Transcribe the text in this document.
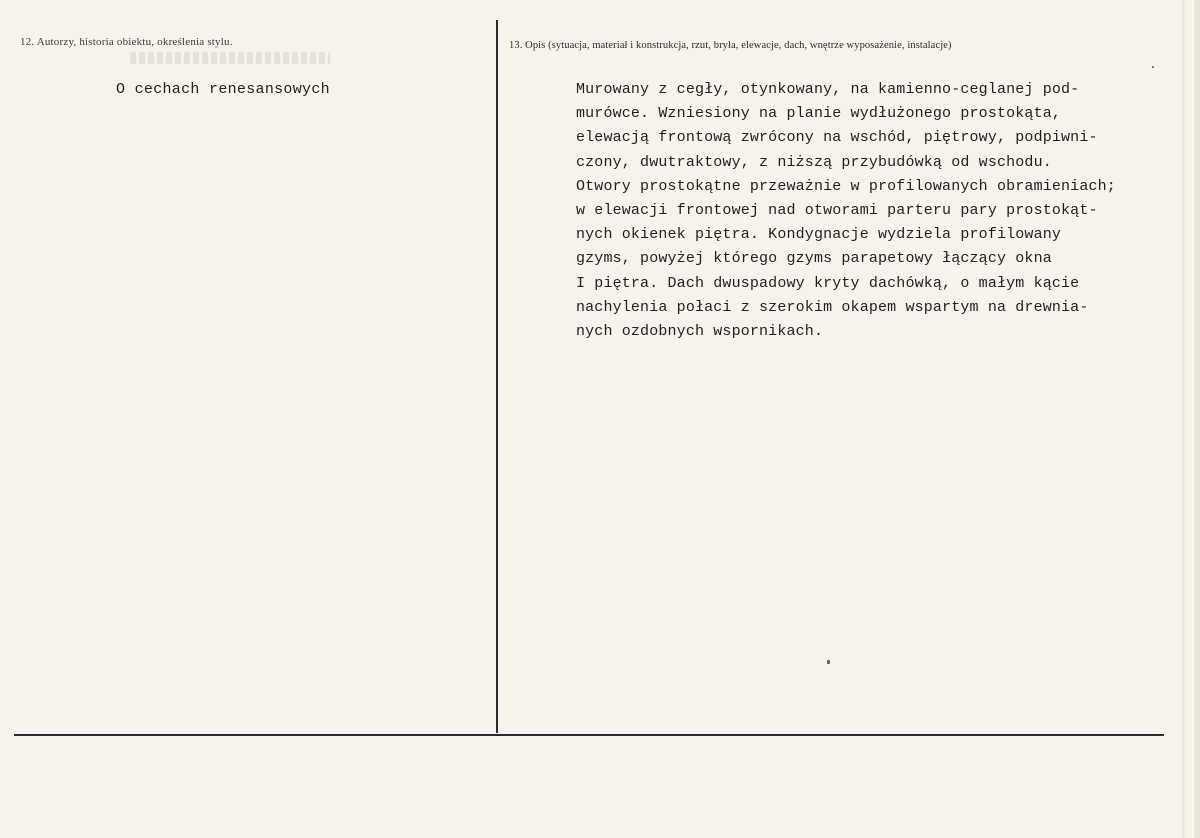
12. Autorzy, historia obiektu, określenia stylu.
O cechach renesansowych
13. Opis (sytuacja, materiał i konstrukcja, rzut, bryła, elewacje, dach, wnętrze wyposażenie, instalacje)
Murowany z cegły, otynkowany, na kamienno-ceglanej pod-
murówce. Wzniesiony na planie wydłużonego prostokąta,
elewacją frontową zwrócony na wschód, piętrowy, podpiwni-
czony, dwutraktowy, z niższą przybudówką od wschodu.
Otwory prostokątne przeważnie w profilowanych obramieniach;
w elewacji frontowej nad otworami parteru pary prostokąt-
nych okienek piętra. Kondygnacje wydziela profilowany
gzyms, powyżej którego gzyms parapetowy łączący okna
I piętra. Dach dwuspadowy kryty dachówką, o małym kącie
nachylenia połaci z szerokim okapem wspartym na drewnia-
nych ozdobnych wspornikach.
